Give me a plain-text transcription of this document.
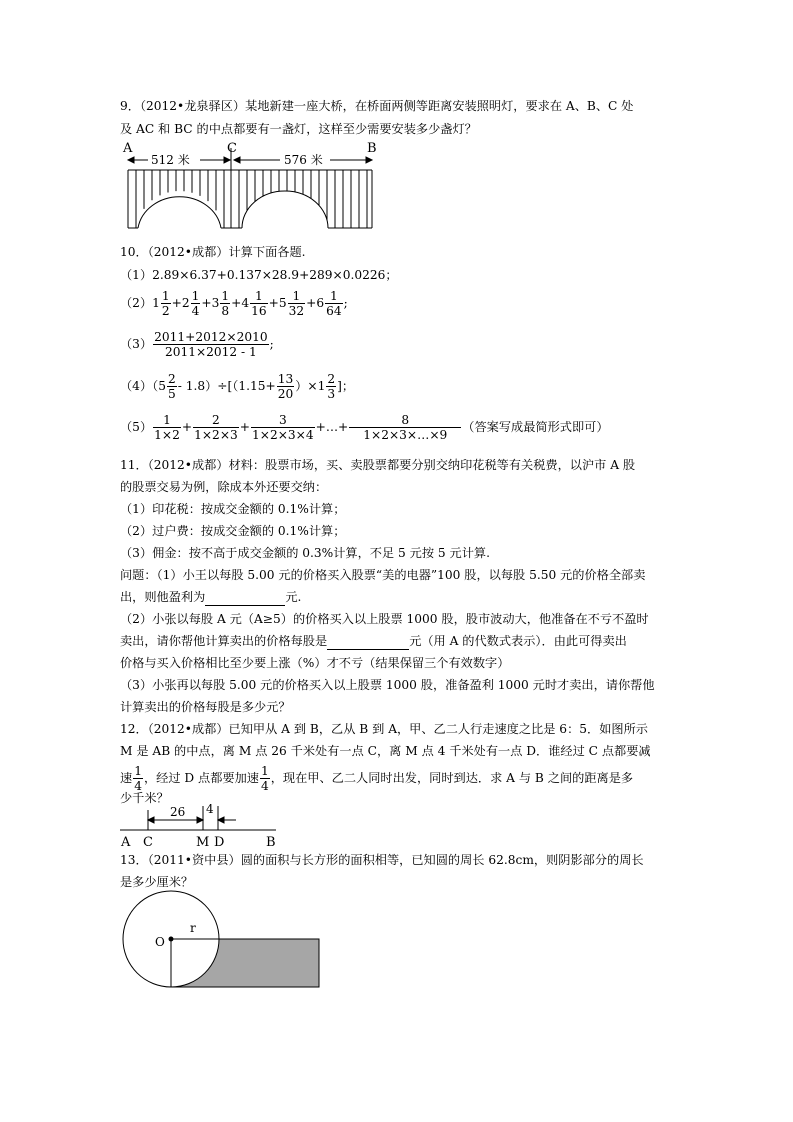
9．（2012•龙泉驿区）某地新建一座大桥，在桥面两侧等距离安装照明灯，要求在 A、B、C 处
及 AC 和 BC 的中点都要有一盏灯，这样至少需要安装多少盏灯？
A	C	B
512 米	576 米
10．（2012•成都）计算下面各题.
（1）2.89×6.37+0.137×28.9+289×0.0226；
$(2)1 \frac{1}{2} +2 \frac{1}{4} +3 \frac{1}{8} +4 \frac{1}{16} +5 \frac{1}{32} +6 \frac{1}{64}$ ;
$(3) \frac{2011+2012\times 2010}{2011\times 2012 - 1}$ ;
$(4)(5 \frac{2}{5} - 1.8)\div[(1.15+ \frac{13}{20} )\times 1 \frac{2}{3}$ ]；
$(5) \frac{1}{1\times 2} + \frac{2}{1\times 2\times 3} + \frac{3}{1\times 2\times 3\times 4}$ +…+ $\frac{8}{1\times 2\times 3\times\dots\times 9}$ （答案写成最简形式即可）
11．（2012•成都）材料：股票市场，买、卖股票都要分别交纳印花税等有关税费，以沪市 A 股
的股票交易为例，除成本外还要交纳：
（1）印花税：按成交金额的 0.1%计算；
（2）过户费：按成交金额的 0.1%计算；
（3）佣金：按不高于成交金额的 0.3%计算，不足 5 元按 5 元计算.
问题：（1）小王以每股 5.00 元的价格买入股票“美的电器”100 股，以每股 5.50 元的价格全部卖
出，则他盈利为	元.
（2）小张以每股 A 元（A≥5）的价格买入以上股票 1000 股，股市波动大，他准备在不亏不盈时
卖出，请你帮他计算卖出的价格每股是	元（用 A 的代数式表示）．由此可得卖出
价格与买入价格相比至少要上涨（%）才不亏（结果保留三个有效数字）
（3）小张再以每股 5.00 元的价格买入以上股票 1000 股，准备盈利 1000 元时才卖出，请你帮他
计算卖出的价格每股是多少元？
12．（2012•成都）已知甲从 A 到 B，乙从 B 到 A，甲、乙二人行走速度之比是 6：5．如图所示
M 是 AB 的中点，离 M 点 26 千米处有一点 C，离 M 点 4 千米处有一点 D．谁经过 C 点都要减
速 $\frac{1}{4}$ ，经过 D 点都要加速 $\frac{1}{4}$ ，现在甲、乙二人同时出发，同时到达．求 A 与 B 之间的距离是多
少千米？
26 4
A C	M D	B
13．（2011•资中县）圆的面积与长方形的面积相等，已知圆的周长 62.8cm，则阴影部分的周长
是多少厘米？
r
O
